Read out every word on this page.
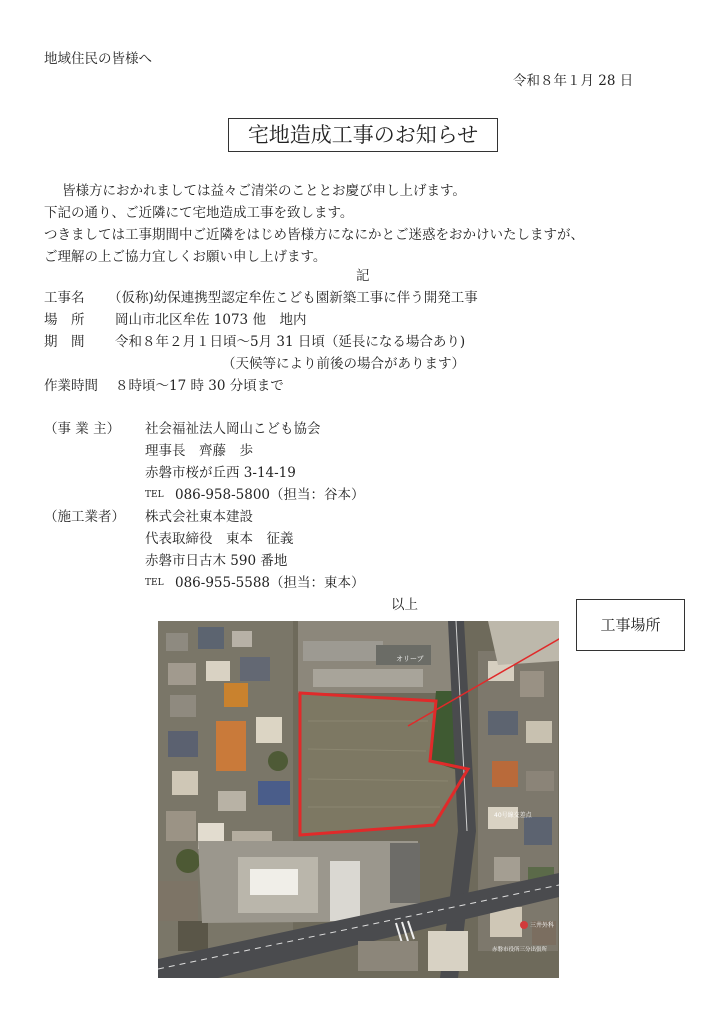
地域住民の皆様へ
令和８年１月 28 日
宅地造成工事のお知らせ
皆様方におかれましては益々ご清栄のこととお慶び申し上げます。
下記の通り、ご近隣にて宅地造成工事を致します。
つきましては工事期間中ご近隣をはじめ皆様方になにかとご迷惑をおかけいたしますが、
ご理解の上ご協力宜しくお願い申し上げます。
記
工事名 （仮称)幼保連携型認定牟佐こども園新築工事に伴う開発工事
場　所 岡山市北区牟佐 1073 他　地内
期　間 令和８年２月１日頃〜5月 31 日頃（延長になる場合あり)
（天候等により前後の場合があります）
作業時間 ８時頃〜17 時 30 分頃まで
（事 業 主） 社会福祉法人岡山こども協会
理事長　齊藤　歩
赤磐市桜が丘西 3-14-19
TEL 086-958-5800（担当：谷本）
（施工業者） 株式会社東本建設
代表取締役　東本　征義
赤磐市日古木 590 番地
TEL 086-955-5588（担当：東本）
以上
オリーブ
40号線交差点
三井外科
赤磐市役所三分出張所
工事場所
